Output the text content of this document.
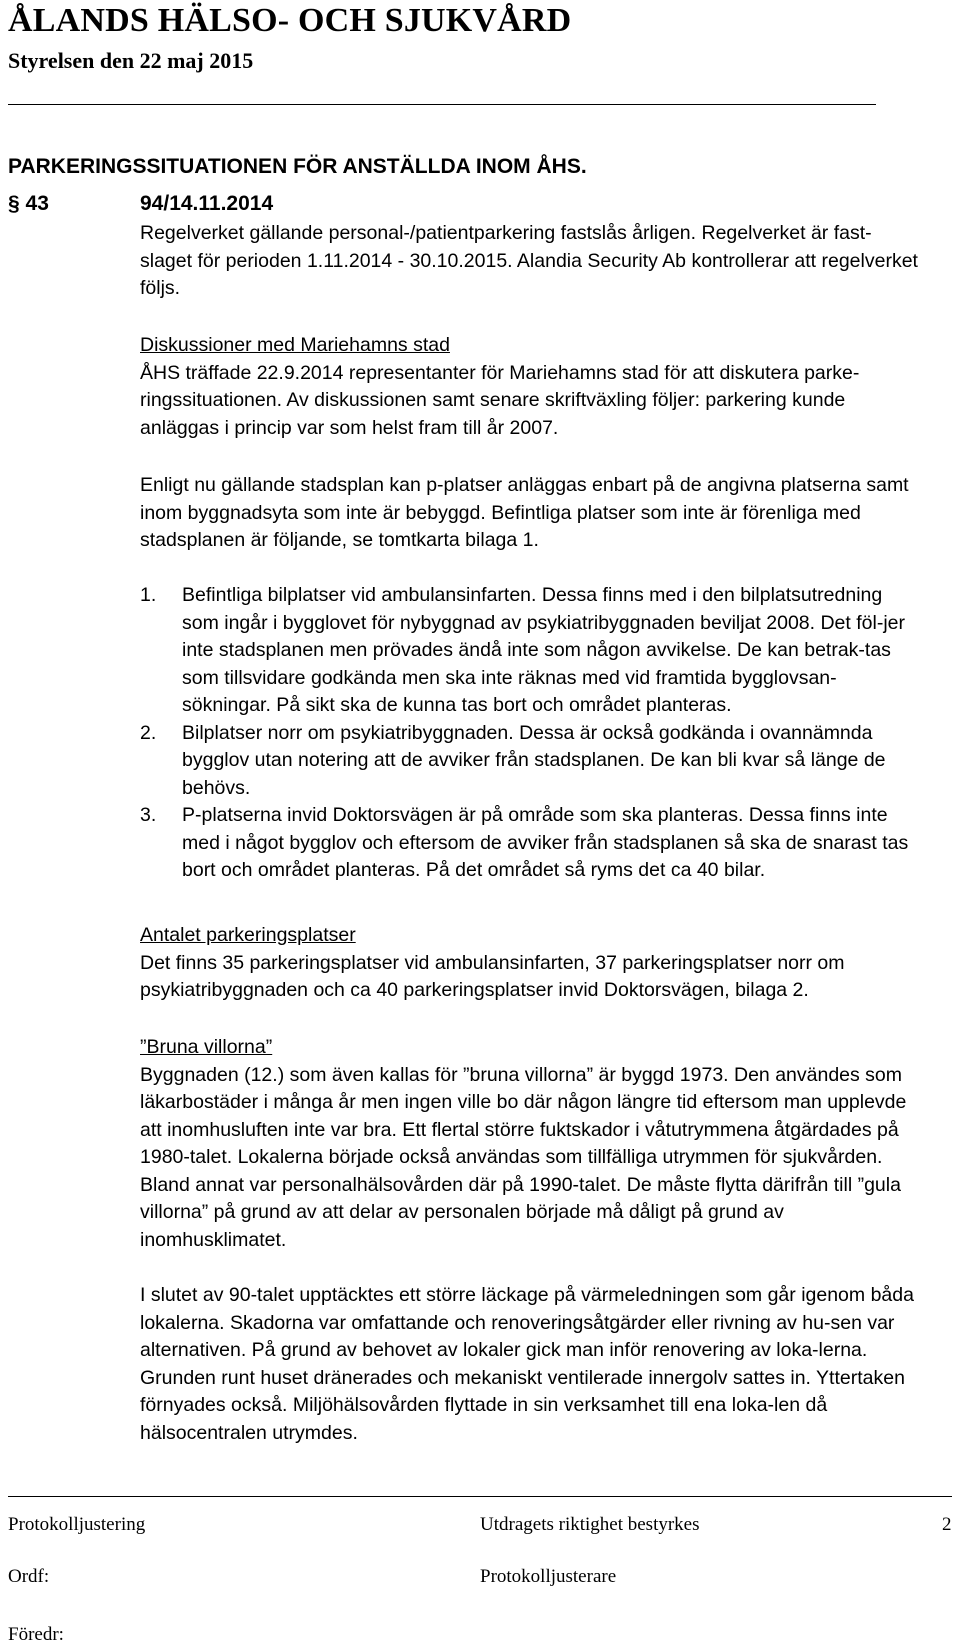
ÅLANDS HÄLSO- OCH SJUKVÅRD
Styrelsen den 22 maj 2015
PARKERINGSSITUATIONEN FÖR ANSTÄLLDA INOM ÅHS.
§ 43	94/14.11.2014

Regelverket gällande personal-/patientparkering fastslås årligen. Regelverket är fast-slaget för perioden 1.11.2014 - 30.10.2015. Alandia Security Ab kontrollerar att regelverket följs.

Diskussioner med Mariehamns stad
ÅHS träffade 22.9.2014 representanter för Mariehamns stad för att diskutera parke-ringssituationen. Av diskussionen samt senare skriftväxling följer: parkering kunde anläggas i princip var som helst fram till år 2007.

Enligt nu gällande stadsplan kan p-platser anläggas enbart på de angivna platserna samt inom byggnadsyta som inte är bebyggd. Befintliga platser som inte är förenliga med stadsplanen är följande, se tomtkarta bilaga 1.

1. Befintliga bilplatser vid ambulansinfarten. Dessa finns med i den bilplatsutredning som ingår i bygglovet för nybyggnad av psykiatribyggnaden beviljat 2008. Det föl-jer inte stadsplanen men prövades ändå inte som någon avvikelse. De kan betrak-tas som tillsvidare godkända men ska inte räknas med vid framtida bygglovsan-sökningar. På sikt ska de kunna tas bort och området planteras.
2. Bilplatser norr om psykiatribyggnaden. Dessa är också godkända i ovannämnda bygglov utan notering att de avviker från stadsplanen. De kan bli kvar så länge de behövs.
3. P-platserna invid Doktorsvägen är på område som ska planteras. Dessa finns inte med i något bygglov och eftersom de avviker från stadsplanen så ska de snarast tas bort och området planteras. På det området så ryms det ca 40 bilar.
Antalet parkeringsplatser
Det finns 35 parkeringsplatser vid ambulansinfarten, 37 parkeringsplatser norr om psykiatribyggnaden och ca 40 parkeringsplatser invid Doktorsvägen, bilaga 2.
”Bruna villorna”
Byggnaden (12.) som även kallas för ”bruna villorna” är byggd 1973. Den användes som läkarbostäder i många år men ingen ville bo där någon längre tid eftersom man upplevde att inomhusluften inte var bra. Ett flertal större fuktskador i våtutrymmena åtgärdades på 1980-talet. Lokalerna började också användas som tillfälliga utrymmen för sjukvården. Bland annat var personalhälsovården där på 1990-talet. De måste flytta därifrån till ”gula villorna” på grund av att delar av personalen började må dåligt på grund av inomhusklimatet.

I slutet av 90-talet upptäcktes ett större läckage på värmeledningen som går igenom båda lokalerna. Skadorna var omfattande och renoveringsåtgärder eller rivning av hu-sen var alternativen. På grund av behovet av lokaler gick man inför renovering av loka-lerna. Grunden runt huset dränerades och mekaniskt ventilerade innergolv sattes in. Yttertaken förnyades också. Miljöhälsovården flyttade in sin verksamhet till ena loka-len då hälsocentralen utrymdes.

Protokolljustering	Utdragets riktighet bestyrkes	2
Ordf:	Protokolljusterare
Föredr:
